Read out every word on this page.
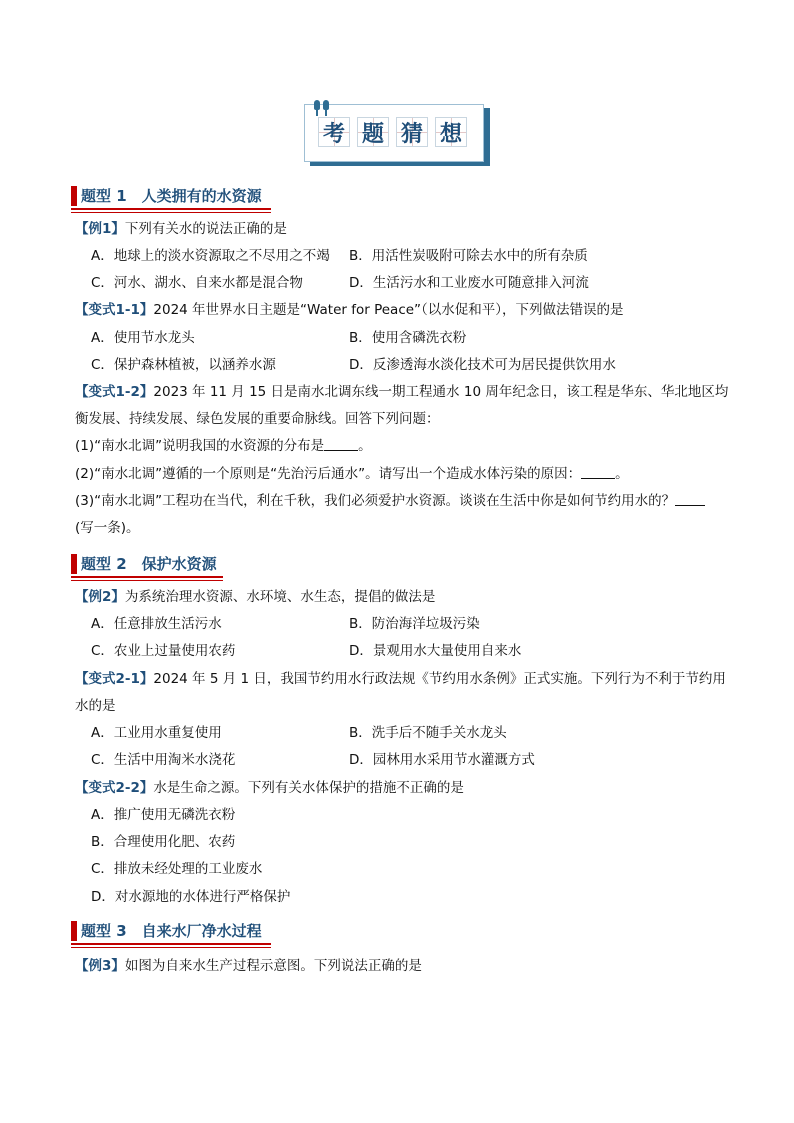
考 题 猜 想
题型 1　人类拥有的水资源
【例1】下列有关水的说法正确的是
A．地球上的淡水资源取之不尽用之不竭 B．用活性炭吸附可除去水中的所有杂质
C．河水、湖水、自来水都是混合物	D．生活污水和工业废水可随意排入河流
【变式1-1】2024 年世界水日主题是“Water for Peace”（以水促和平），下列做法错误的是
A．使用节水龙头	B．使用含磷洗衣粉
C．保护森林植被，以涵养水源	D．反渗透海水淡化技术可为居民提供饮用水
【变式1-2】2023 年 11 月 15 日是南水北调东线一期工程通水 10 周年纪念日，该工程是华东、华北地区均
衡发展、持续发展、绿色发展的重要命脉线。回答下列问题：
(1)“南水北调”说明我国的水资源的分布是	。
(2)“南水北调”遵循的一个原则是“先治污后通水”。请写出一个造成水体污染的原因：	。
(3)“南水北调”工程功在当代，利在千秋，我们必须爱护水资源。谈谈在生活中你是如何节约用水的？
(写一条)。
题型 2　保护水资源
【例2】为系统治理水资源、水环境、水生态，提倡的做法是
A．任意排放生活污水	B．防治海洋垃圾污染
C．农业上过量使用农药	D．景观用水大量使用自来水
【变式2-1】2024 年 5 月 1 日，我国节约用水行政法规《节约用水条例》正式实施。下列行为不利于节约用
水的是
A．工业用水重复使用	B．洗手后不随手关水龙头
C．生活中用淘米水浇花	D．园林用水采用节水灌溉方式
【变式2-2】水是生命之源。下列有关水体保护的措施不正确的是
A．推广使用无磷洗衣粉
B．合理使用化肥、农药
C．排放未经处理的工业废水
D．对水源地的水体进行严格保护
题型 3　自来水厂净水过程
【例3】如图为自来水生产过程示意图。下列说法正确的是
